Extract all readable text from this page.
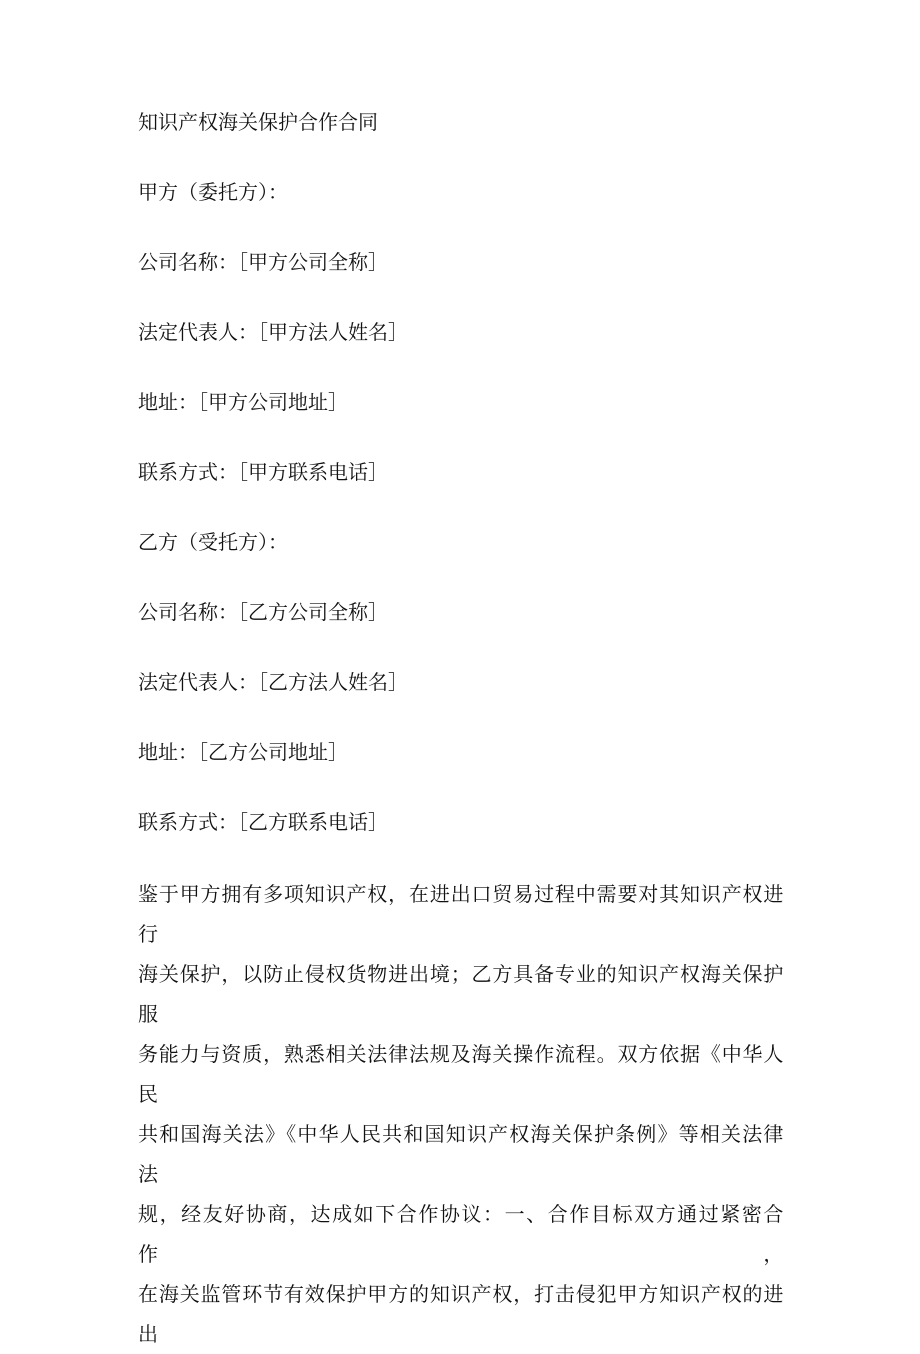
知识产权海关保护合作合同

甲方（委托方）：

公司名称：［甲方公司全称］

法定代表人：［甲方法人姓名］

地址：［甲方公司地址］

联系方式：［甲方联系电话］

乙方（受托方）：

公司名称：［乙方公司全称］

法定代表人：［乙方法人姓名］

地址：［乙方公司地址］

联系方式：［乙方联系电话］

鉴于甲方拥有多项知识产权，在进出口贸易过程中需要对其知识产权进行
海关保护，以防止侵权货物进出境；乙方具备专业的知识产权海关保护服
务能力与资质，熟悉相关法律法规及海关操作流程。双方依据《中华人民
共和国海关法》《中华人民共和国知识产权海关保护条例》等相关法律法
规，经友好协商，达成如下合作协议：一、合作目标双方通过紧密合作，
在海关监管环节有效保护甲方的知识产权，打击侵犯甲方知识产权的进出
